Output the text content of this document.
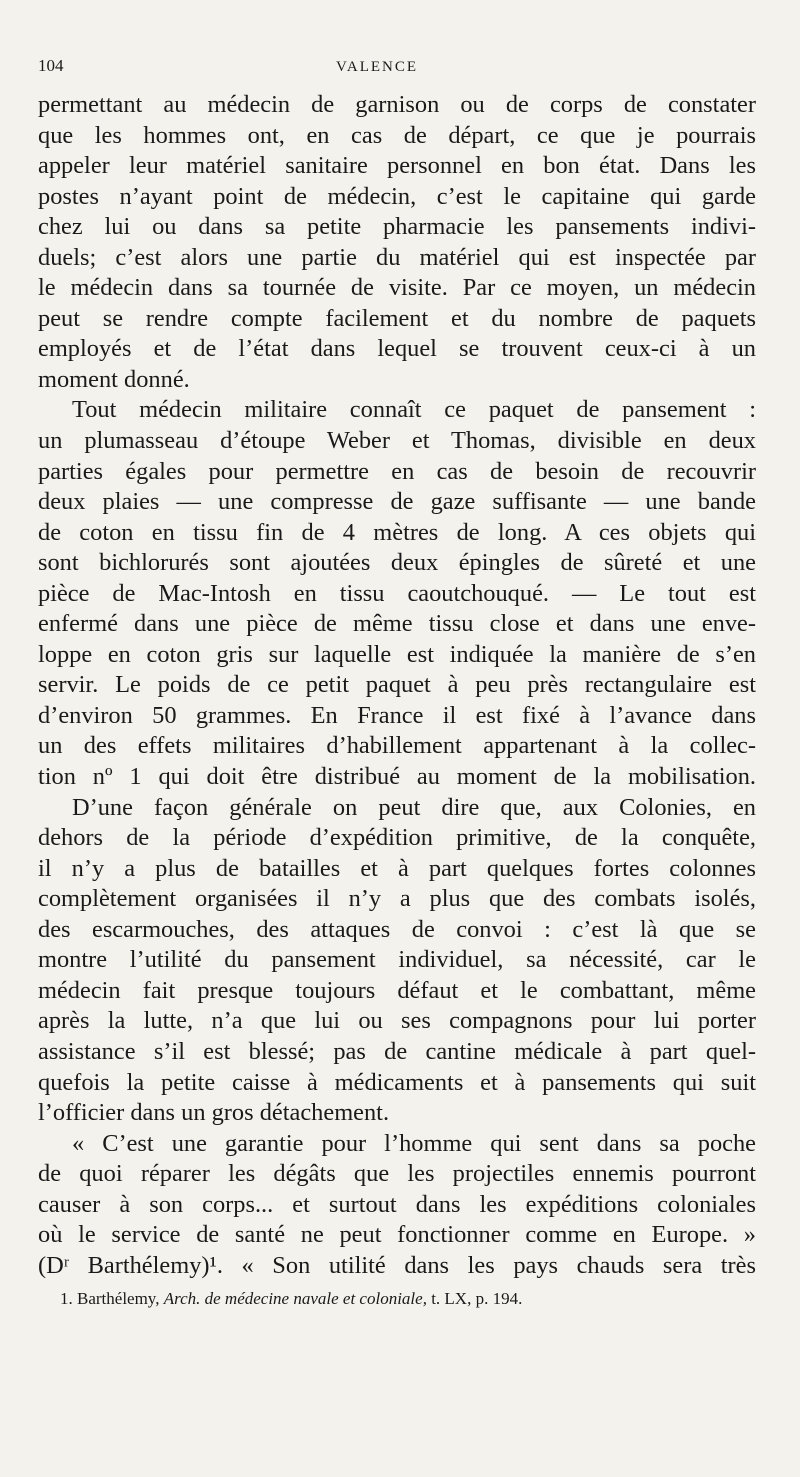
104	VALENCE
permettant au médecin de garnison ou de corps de constater
que les hommes ont, en cas de départ, ce que je pourrais
appeler leur matériel sanitaire personnel en bon état. Dans les
postes n’ayant point de médecin, c’est le capitaine qui garde
chez lui ou dans sa petite pharmacie les pansements indivi-
duels; c’est alors une partie du matériel qui est inspectée par
le médecin dans sa tournée de visite. Par ce moyen, un médecin
peut se rendre compte facilement et du nombre de paquets
employés et de l’état dans lequel se trouvent ceux-ci à un
moment donné.
Tout médecin militaire connaît ce paquet de pansement :
un plumasseau d’étoupe Weber et Thomas, divisible en deux
parties égales pour permettre en cas de besoin de recouvrir
deux plaies — une compresse de gaze suffisante — une bande
de coton en tissu fin de 4 mètres de long. A ces objets qui
sont bichlorurés sont ajoutées deux épingles de sûreté et une
pièce de Mac-Intosh en tissu caoutchouqué. — Le tout est
enfermé dans une pièce de même tissu close et dans une enve-
loppe en coton gris sur laquelle est indiquée la manière de s’en
servir. Le poids de ce petit paquet à peu près rectangulaire est
d’environ 50 grammes. En France il est fixé à l’avance dans
un des effets militaires d’habillement appartenant à la collec-
tion nº 1 qui doit être distribué au moment de la mobilisation.
D’une façon générale on peut dire que, aux Colonies, en
dehors de la période d’expédition primitive, de la conquête,
il n’y a plus de batailles et à part quelques fortes colonnes
complètement organisées il n’y a plus que des combats isolés,
des escarmouches, des attaques de convoi : c’est là que se
montre l’utilité du pansement individuel, sa nécessité, car le
médecin fait presque toujours défaut et le combattant, même
après la lutte, n’a que lui ou ses compagnons pour lui porter
assistance s’il est blessé; pas de cantine médicale à part quel-
quefois la petite caisse à médicaments et à pansements qui suit
l’officier dans un gros détachement.
« C’est une garantie pour l’homme qui sent dans sa poche
de quoi réparer les dégâts que les projectiles ennemis pourront
causer à son corps... et surtout dans les expéditions coloniales
où le service de santé ne peut fonctionner comme en Europe. »
(Dʳ Barthélemy)¹. « Son utilité dans les pays chauds sera très
1. Barthélemy, Arch. de médecine navale et coloniale, t. LX, p. 194.
